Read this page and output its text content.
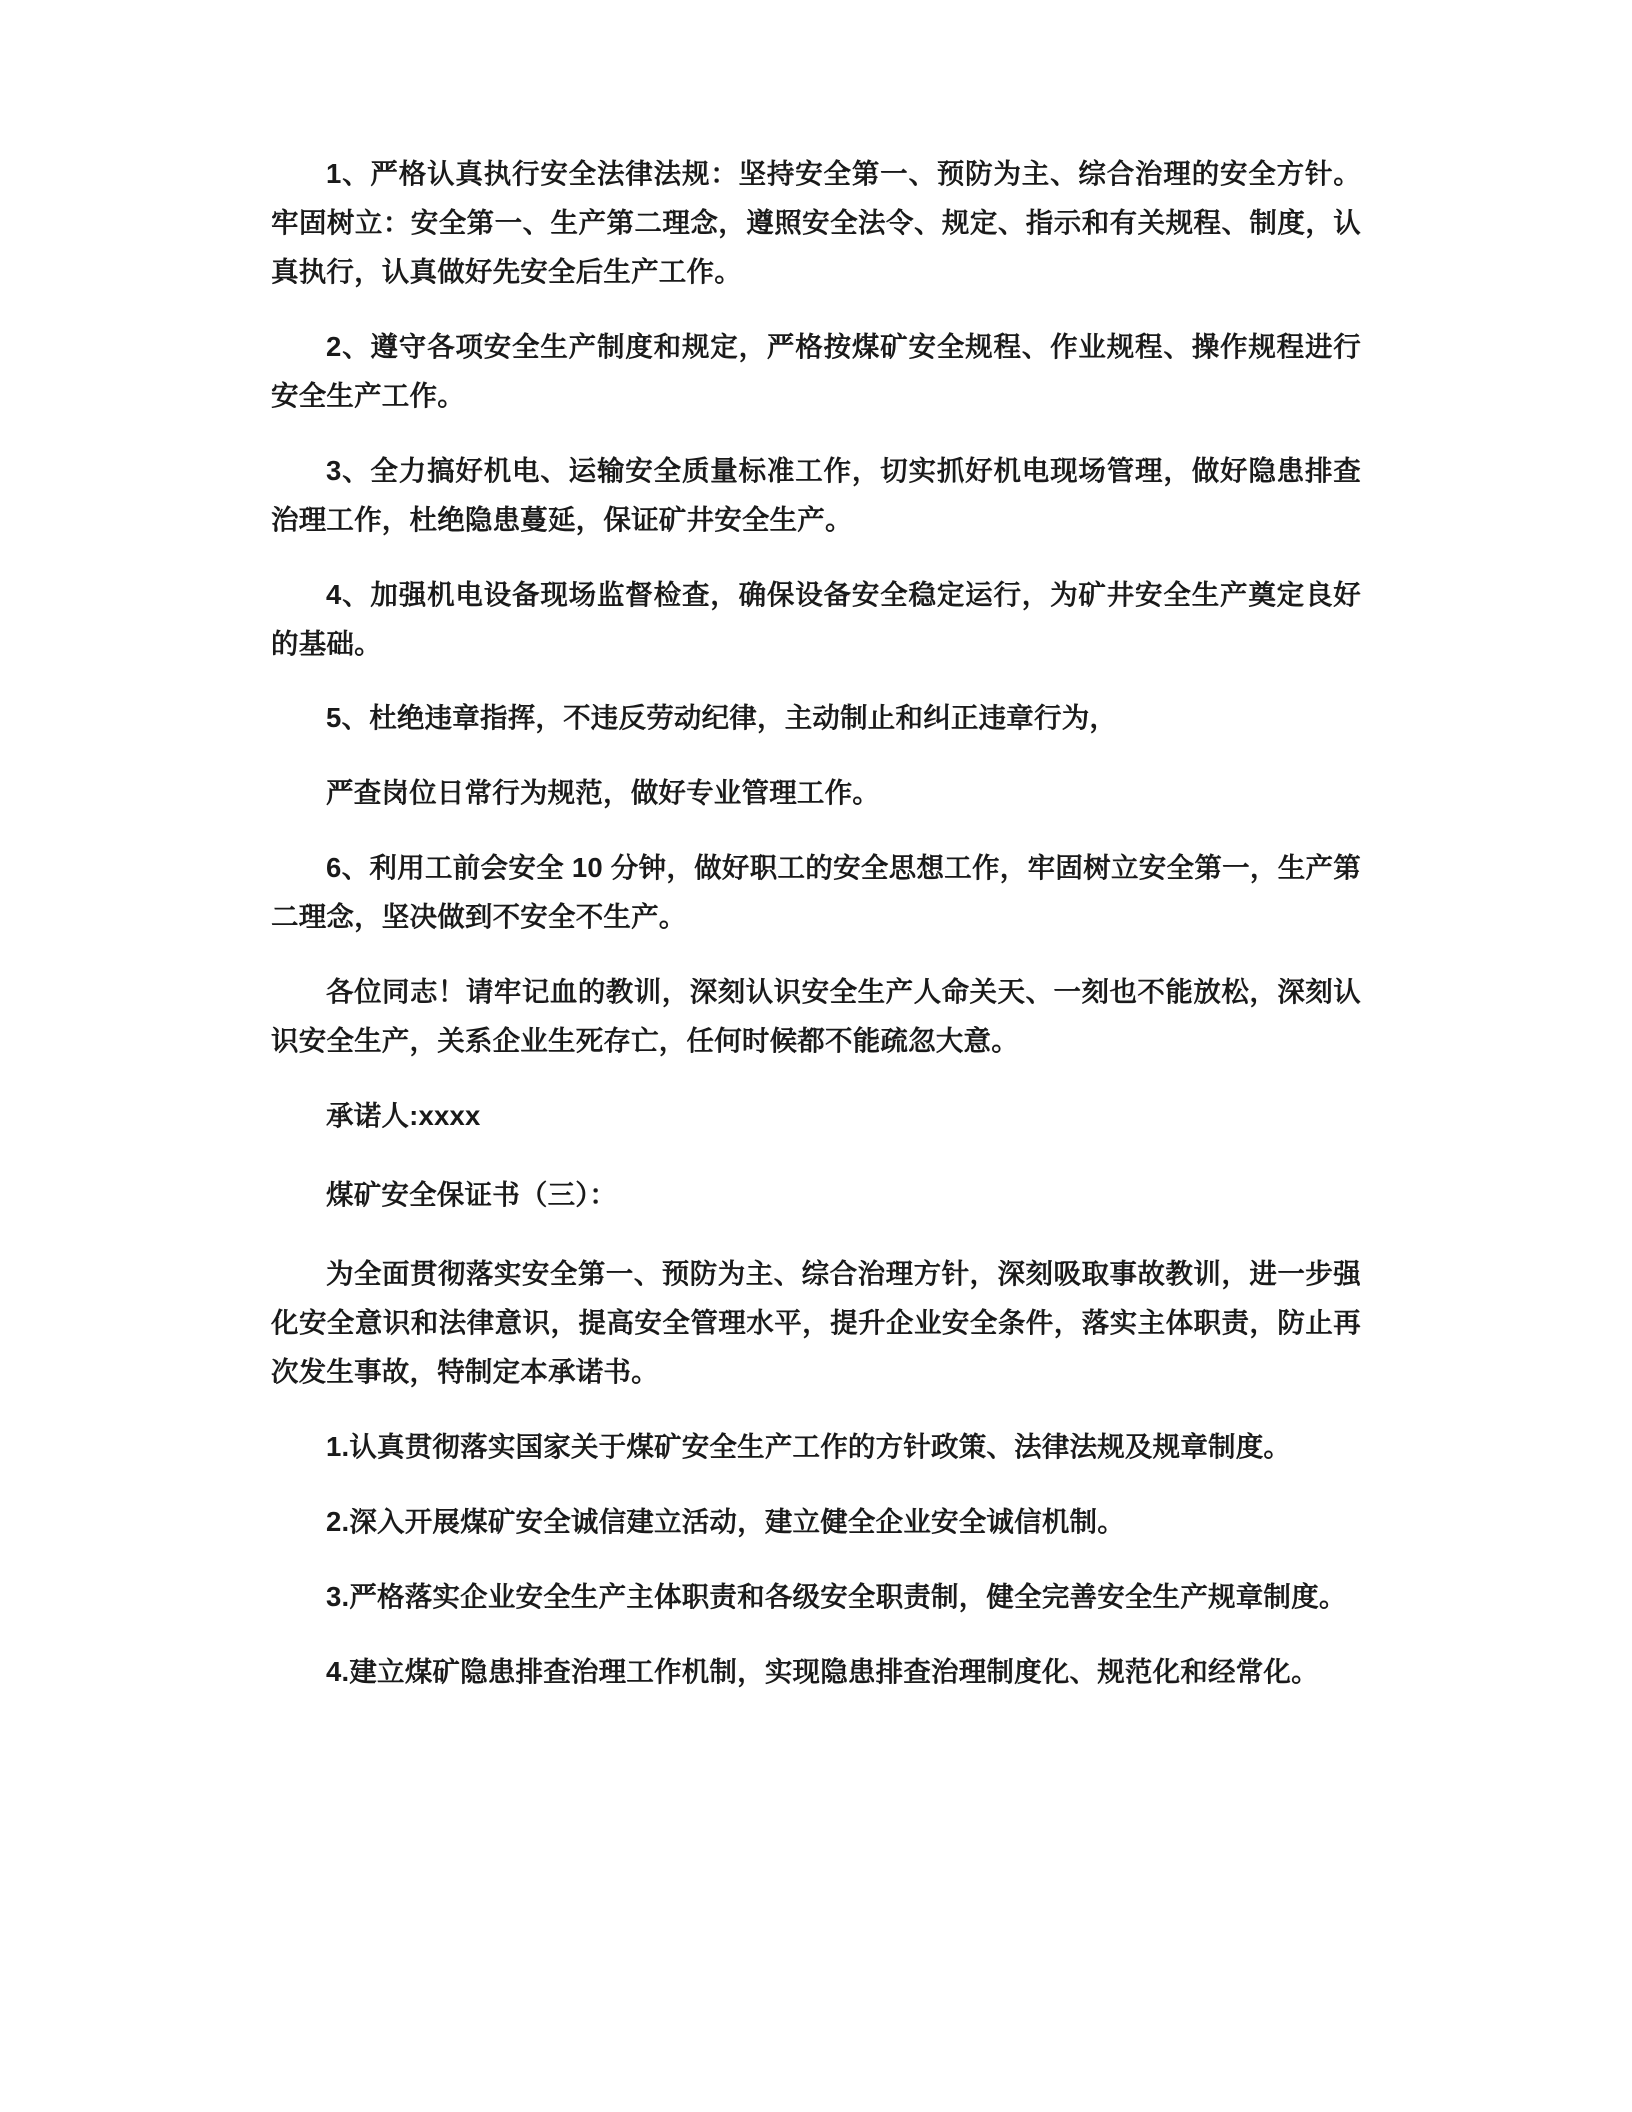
1、严格认真执行安全法律法规：坚持安全第一、预防为主、综合治理的安全方针。牢固树立：安全第一、生产第二理念，遵照安全法令、规定、指示和有关规程、制度，认真执行，认真做好先安全后生产工作。

2、遵守各项安全生产制度和规定，严格按煤矿安全规程、作业规程、操作规程进行安全生产工作。

3、全力搞好机电、运输安全质量标准工作，切实抓好机电现场管理，做好隐患排查治理工作，杜绝隐患蔓延，保证矿井安全生产。

4、加强机电设备现场监督检查，确保设备安全稳定运行，为矿井安全生产奠定良好的基础。

5、杜绝违章指挥，不违反劳动纪律，主动制止和纠正违章行为，

严查岗位日常行为规范，做好专业管理工作。

6、利用工前会安全 10 分钟，做好职工的安全思想工作，牢固树立安全第一，生产第二理念，坚决做到不安全不生产。

各位同志！请牢记血的教训，深刻认识安全生产人命关天、一刻也不能放松，深刻认识安全生产，关系企业生死存亡，任何时候都不能疏忽大意。

承诺人:xxxx

煤矿安全保证书（三）：

为全面贯彻落实安全第一、预防为主、综合治理方针，深刻吸取事故教训，进一步强化安全意识和法律意识，提高安全管理水平，提升企业安全条件，落实主体职责，防止再次发生事故，特制定本承诺书。

1.认真贯彻落实国家关于煤矿安全生产工作的方针政策、法律法规及规章制度。

2.深入开展煤矿安全诚信建立活动，建立健全企业安全诚信机制。

3.严格落实企业安全生产主体职责和各级安全职责制，健全完善安全生产规章制度。

4.建立煤矿隐患排查治理工作机制，实现隐患排查治理制度化、规范化和经常化。
